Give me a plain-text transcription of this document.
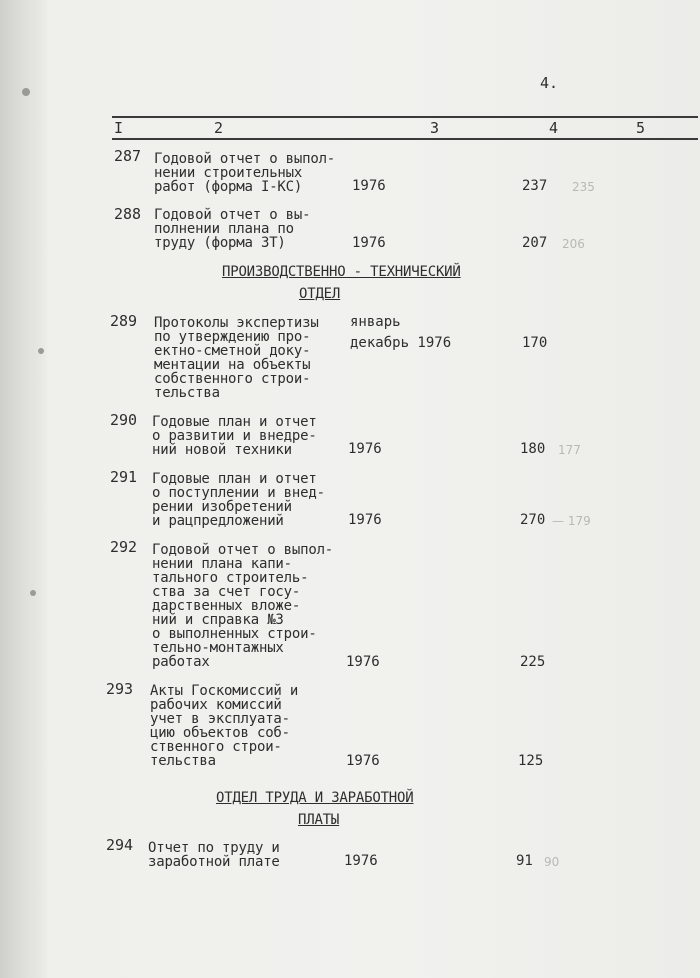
4.
I	2	3	4	5
287 Годовой отчет о выпол-
нении строительных
работ (форма I-КС)	1976	237 235
288 Годовой отчет о вы-
полнении плана по
труду (форма 3Т)	1976	207 206
ПРОИЗВОДСТВЕННО - ТЕХНИЧЕСКИЙ
ОТДЕЛ
289 Протоколы экспертизы
по утверждению про-
ектно-сметной доку-
ментации на объекты
собственного строи-
тельства
январь
декабрь 1976	170
290 Годовые план и отчет
о развитии и внедре-
ний новой техники	1976	180 177
291 Годовые план и отчет
о поступлении и внед-
рении изобретений
и рацпредложений	1976	270 — 179
292 Годовой отчет о выпол-
нении плана капи-
тального строитель-
ства за счет госу-
дарственных вложе-
ний и справка №3
о выполненных строи-
тельно-монтажных
работах	1976	225
293 Акты Госкомиссий и
рабочих комиссий
учет в эксплуата-
цию объектов соб-
ственного строи-
тельства	1976	125
ОТДЕЛ ТРУДА И ЗАРАБОТНОЙ
ПЛАТЫ
294 Отчет по труду и
заработной плате	1976	91 90
